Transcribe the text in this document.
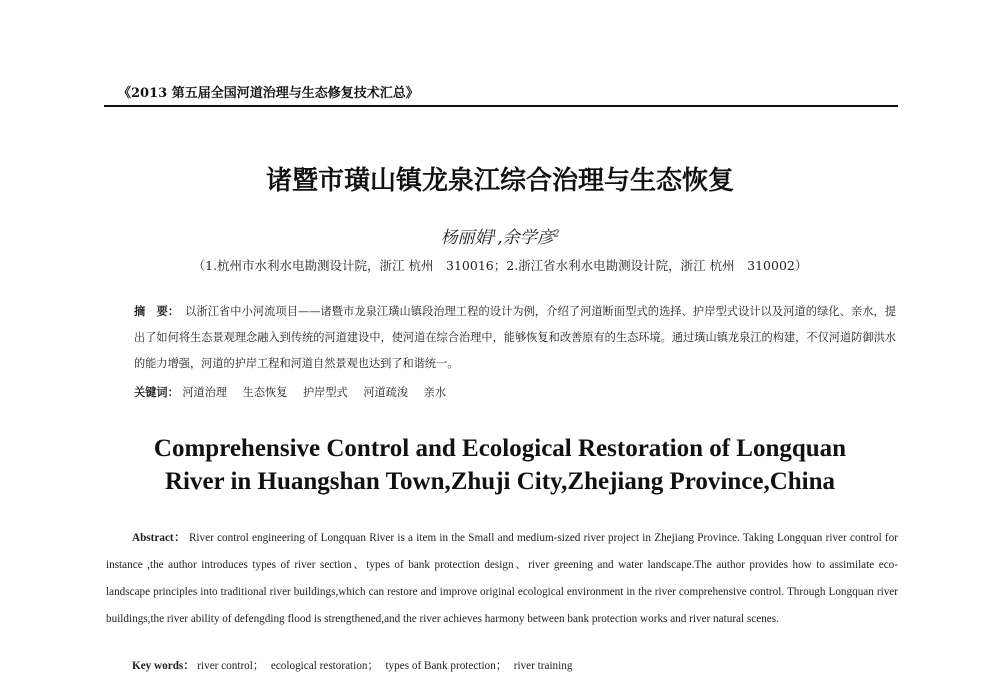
《2013 第五届全国河道治理与生态修复技术汇总》
诸暨市璜山镇龙泉江综合治理与生态恢复
杨丽娟$^1$,余学彦$^2$
（1.杭州市水利水电勘测设计院，浙江 杭州　310016；2.浙江省水利水电勘测设计院，浙江 杭州　310002）
摘　要： 以浙江省中小河流项目——诸暨市龙泉江璜山镇段治理工程的设计为例，介绍了河道断面型式的选择、护岸型式设计以及河道的绿化、亲水，提出了如何将生态景观理念融入到传统的河道建设中，使河道在综合治理中，能够恢复和改善原有的生态环境。通过璜山镇龙泉江的构建，不仅河道防御洪水的能力增强，河道的护岸工程和河道自然景观也达到了和谐统一。
关键词： 河道治理 生态恢复 护岸型式 河道疏浚 亲水
Comprehensive Control and Ecological Restoration of Longquan
River in Huangshan Town,Zhuji City,Zhejiang Province,China
Abstract： River control engineering of Longquan River is a item in the Small and medium-sized river project in Zhejiang Province. Taking Longquan river control for instance ,the author introduces types of river section、types of bank protection design、river greening and water landscape.The author provides how to assimilate eco-landscape principles into traditional river buildings,which can restore and improve original ecological environment in the river comprehensive control. Through Longquan river buildings,the river ability of defengding flood is strengthened,and the river achieves harmony between bank protection works and river natural scenes.
Key words： river control； ecological restoration； types of Bank protection； river training
